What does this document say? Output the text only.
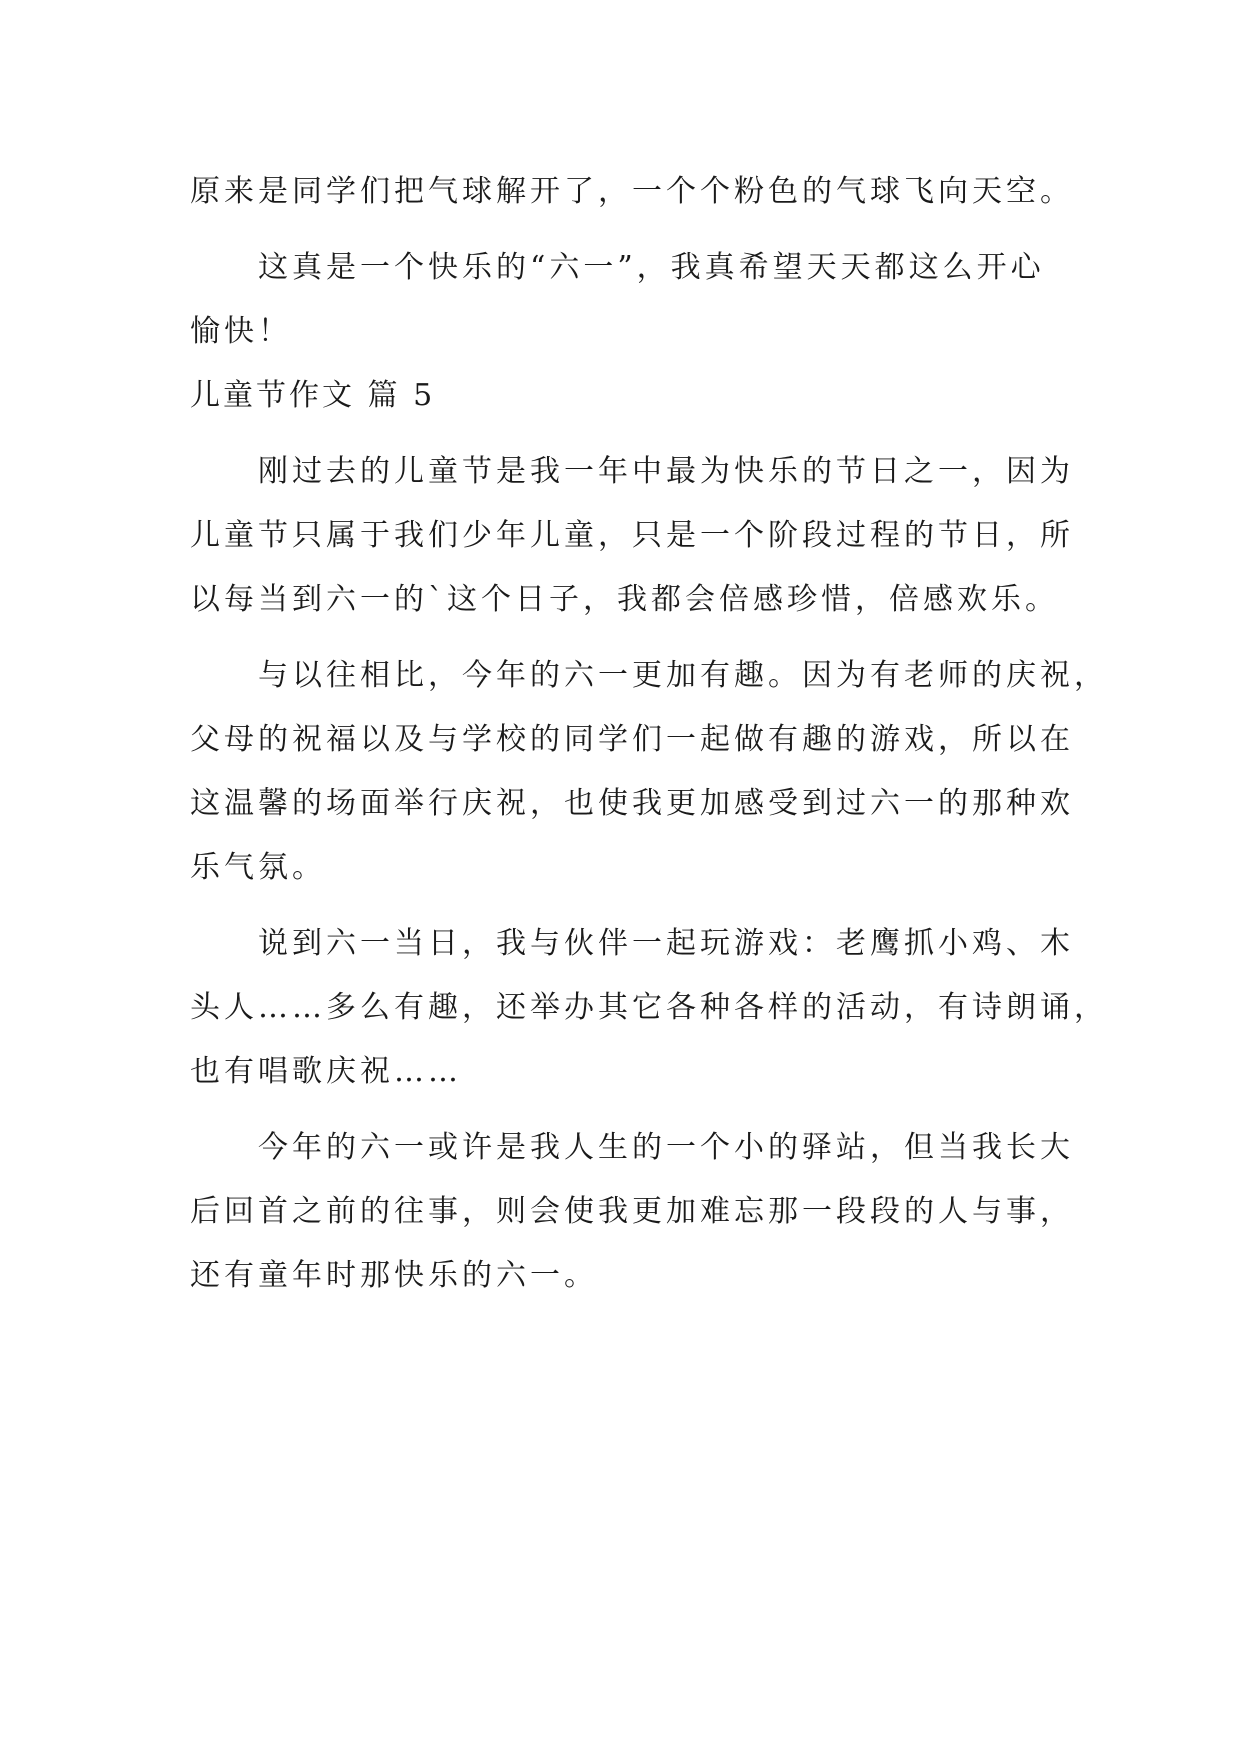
原来是同学们把气球解开了，一个个粉色的气球飞向天空。
这真是一个快乐的“六一”，我真希望天天都这么开心
愉快！
儿童节作文 篇 5
刚过去的儿童节是我一年中最为快乐的节日之一，因为
儿童节只属于我们少年儿童，只是一个阶段过程的节日，所
以每当到六一的`这个日子，我都会倍感珍惜，倍感欢乐。
与以往相比，今年的六一更加有趣。因为有老师的庆祝，
父母的祝福以及与学校的同学们一起做有趣的游戏，所以在
这温馨的场面举行庆祝，也使我更加感受到过六一的那种欢
乐气氛。
说到六一当日，我与伙伴一起玩游戏：老鹰抓小鸡、木
头人……多么有趣，还举办其它各种各样的活动，有诗朗诵，
也有唱歌庆祝……
今年的六一或许是我人生的一个小的驿站，但当我长大
后回首之前的往事，则会使我更加难忘那一段段的人与事，
还有童年时那快乐的六一。
